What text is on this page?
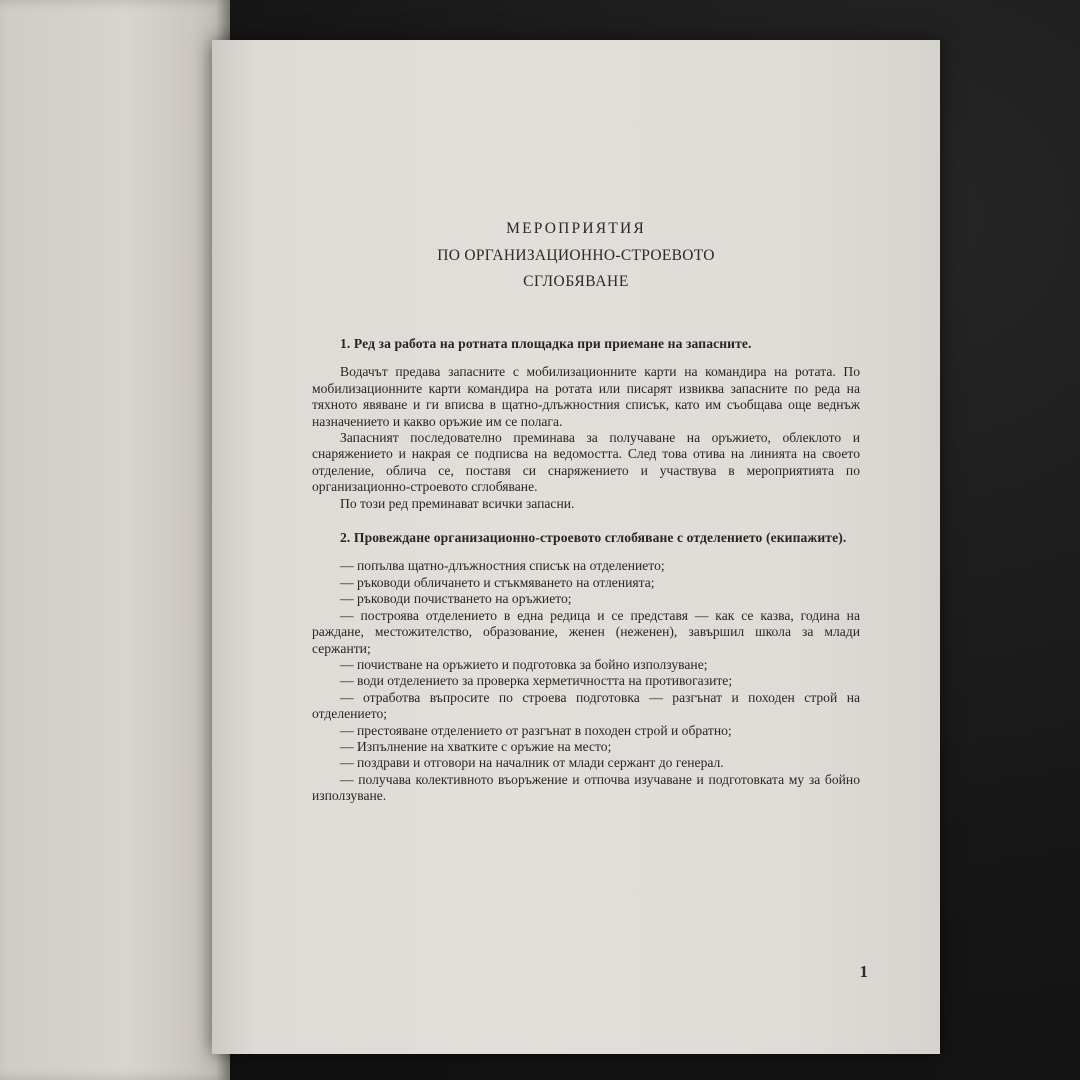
МЕРОПРИЯТИЯ
ПО ОРГАНИЗАЦИОННО-СТРОЕВОТО
СГЛОБЯВАНЕ

1. Ред за работа на ротната площадка при приемане на запасните.

Водачът предава запасните с мобилизационните карти на командира на ротата. По мобилизационните карти командира на ротата или писарят извиква запасните по реда на тяхното явяване и ги вписва в щатно-длъжностния списък, като им съобщава още веднъж назначението и какво оръжие им се полага.

Запасният последователно преминава за получаване на оръжието, облеклото и снаряжението и накрая се подписва на ведомостта. След това отива на линията на своето отделение, облича се, поставя си снаряжението и участвува в мероприятията по организационно-строевото сглобяване.

По този ред преминават всички запасни.

2. Провеждане организационно-строевото сглобяване с отделението (екипажите).

— попълва щатно-длъжностния списък на отделението;
— ръководи обличането и стъкмяването на отленията;
— ръководи почистването на оръжието;
— построява отделението в една редица и се представя — как се казва, година на раждане, местожителство, образование, женен (неженен), завършил школа за млади сержанти;
— почистване на оръжието и подготовка за бойно използуване;
— води отделението за проверка херметичността на противогазите;
— отработва въпросите по строева подготовка — разгънат и походен строй на отделението;
— престояване отделението от разгънат в походен строй и обратно;
— Изпълнение на хватките с оръжие на место;
— поздрави и отговори на началник от млади сержант до генерал.
— получава колективното въоръжение и отпочва изучаване и подготовката му за бойно използуване.
1
